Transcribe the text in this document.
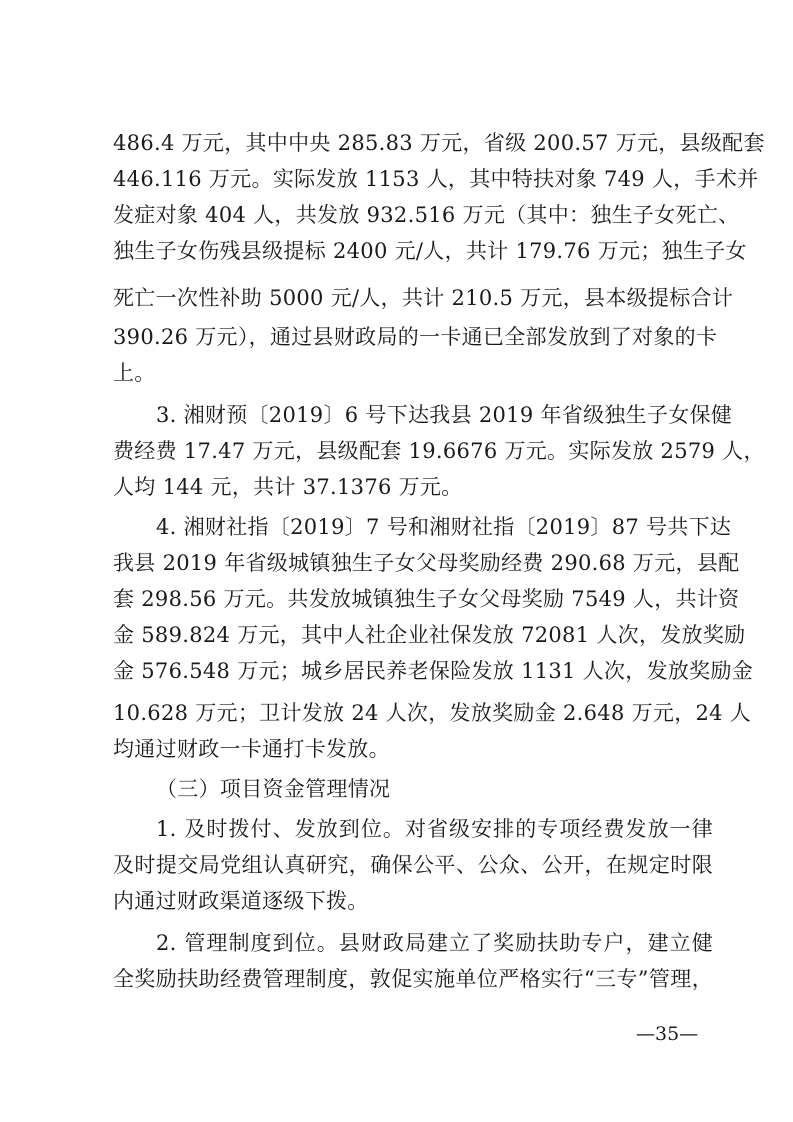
486.4 万元，其中中央 285.83 万元，省级 200.57 万元，县级配套
446.116 万元。实际发放 1153 人，其中特扶对象 749 人，手术并
发症对象 404 人，共发放 932.516 万元（其中：独生子女死亡、
独生子女伤残县级提标 2400 元/人，共计 179.76 万元；独生子女
死亡一次性补助 5000 元/人，共计 210.5 万元，县本级提标合计
390.26 万元），通过县财政局的一卡通已全部发放到了对象的卡
上。
3. 湘财预〔2019〕6 号下达我县 2019 年省级独生子女保健
费经费 17.47 万元，县级配套 19.6676 万元。实际发放 2579 人，
人均 144 元，共计 37.1376 万元。
4. 湘财社指〔2019〕7 号和湘财社指〔2019〕87 号共下达
我县 2019 年省级城镇独生子女父母奖励经费 290.68 万元，县配
套 298.56 万元。共发放城镇独生子女父母奖励 7549 人，共计资
金 589.824 万元，其中人社企业社保发放 72081 人次，发放奖励
金 576.548 万元；城乡居民养老保险发放 1131 人次，发放奖励金
10.628 万元；卫计发放 24 人次，发放奖励金 2.648 万元，24 人
均通过财政一卡通打卡发放。
（三）项目资金管理情况
1. 及时拨付、发放到位。对省级安排的专项经费发放一律
及时提交局党组认真研究，确保公平、公众、公开，在规定时限
内通过财政渠道逐级下拨。
2. 管理制度到位。县财政局建立了奖励扶助专户，建立健
全奖励扶助经费管理制度，敦促实施单位严格实行“三专”管理，
—35—
